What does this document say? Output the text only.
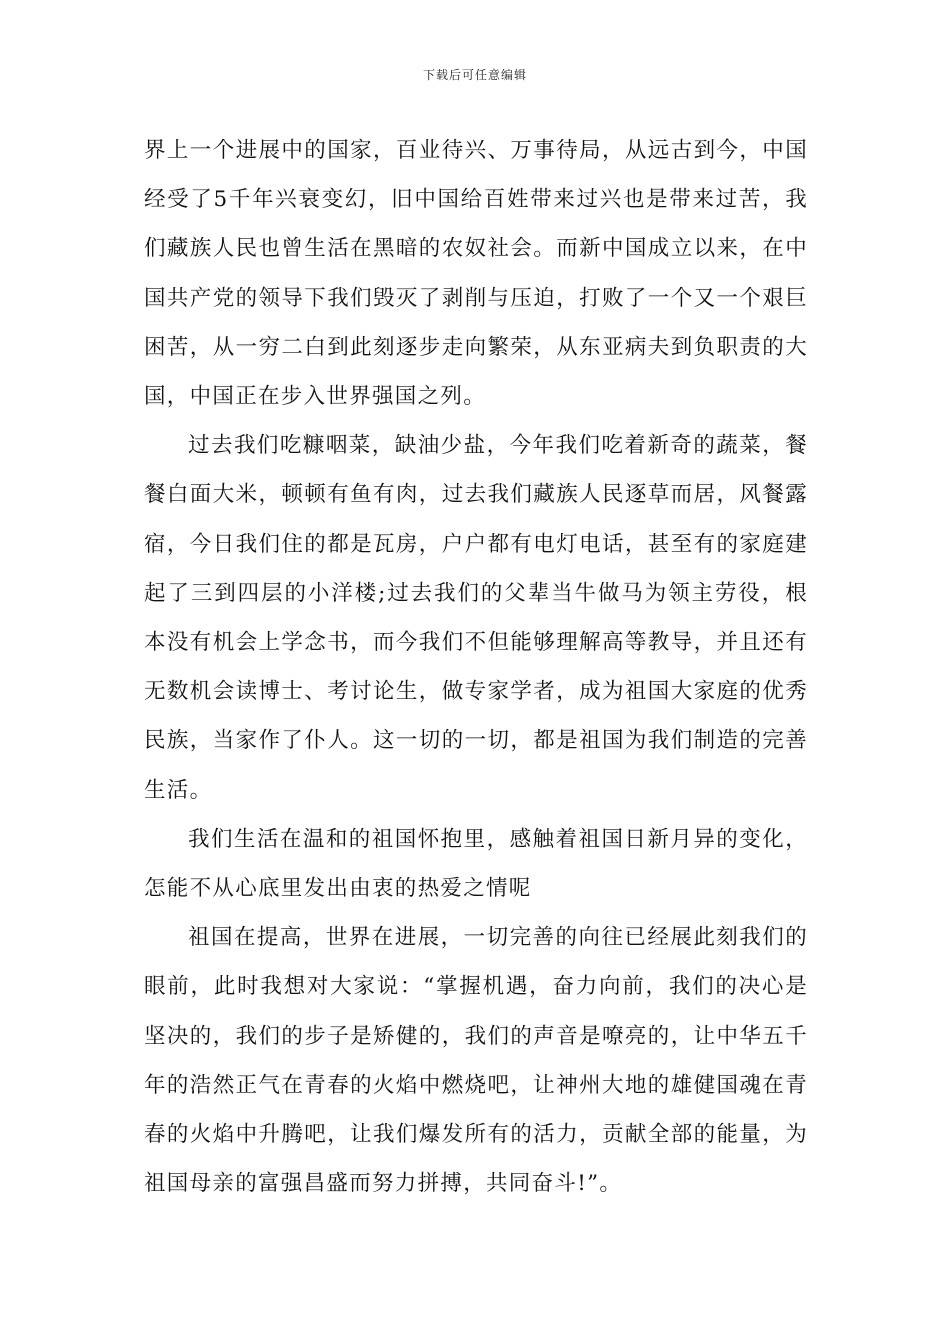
下载后可任意编辑

界上一个进展中的国家，百业待兴、万事待局，从远古到今，中国经受了5千年兴衰变幻，旧中国给百姓带来过兴也是带来过苦，我们藏族人民也曾生活在黑暗的农奴社会。而新中国成立以来，在中国共产党的领导下我们毁灭了剥削与压迫，打败了一个又一个艰巨困苦，从一穷二白到此刻逐步走向繁荣，从东亚病夫到负职责的大国，中国正在步入世界强国之列。

过去我们吃糠咽菜，缺油少盐，今年我们吃着新奇的蔬菜，餐餐白面大米，顿顿有鱼有肉，过去我们藏族人民逐草而居，风餐露宿，今日我们住的都是瓦房，户户都有电灯电话，甚至有的家庭建起了三到四层的小洋楼;过去我们的父辈当牛做马为领主劳役，根本没有机会上学念书，而今我们不但能够理解高等教导，并且还有无数机会读博士、考讨论生，做专家学者，成为祖国大家庭的优秀民族，当家作了仆人。这一切的一切，都是祖国为我们制造的完善生活。

我们生活在温和的祖国怀抱里，感触着祖国日新月异的变化，怎能不从心底里发出由衷的热爱之情呢

祖国在提高，世界在进展，一切完善的向往已经展此刻我们的眼前，此时我想对大家说：“掌握机遇，奋力向前，我们的决心是坚决的，我们的步子是矫健的，我们的声音是嘹亮的，让中华五千年的浩然正气在青春的火焰中燃烧吧，让神州大地的雄健国魂在青春的火焰中升腾吧，让我们爆发所有的活力，贡献全部的能量，为祖国母亲的富强昌盛而努力拼搏，共同奋斗!”。
